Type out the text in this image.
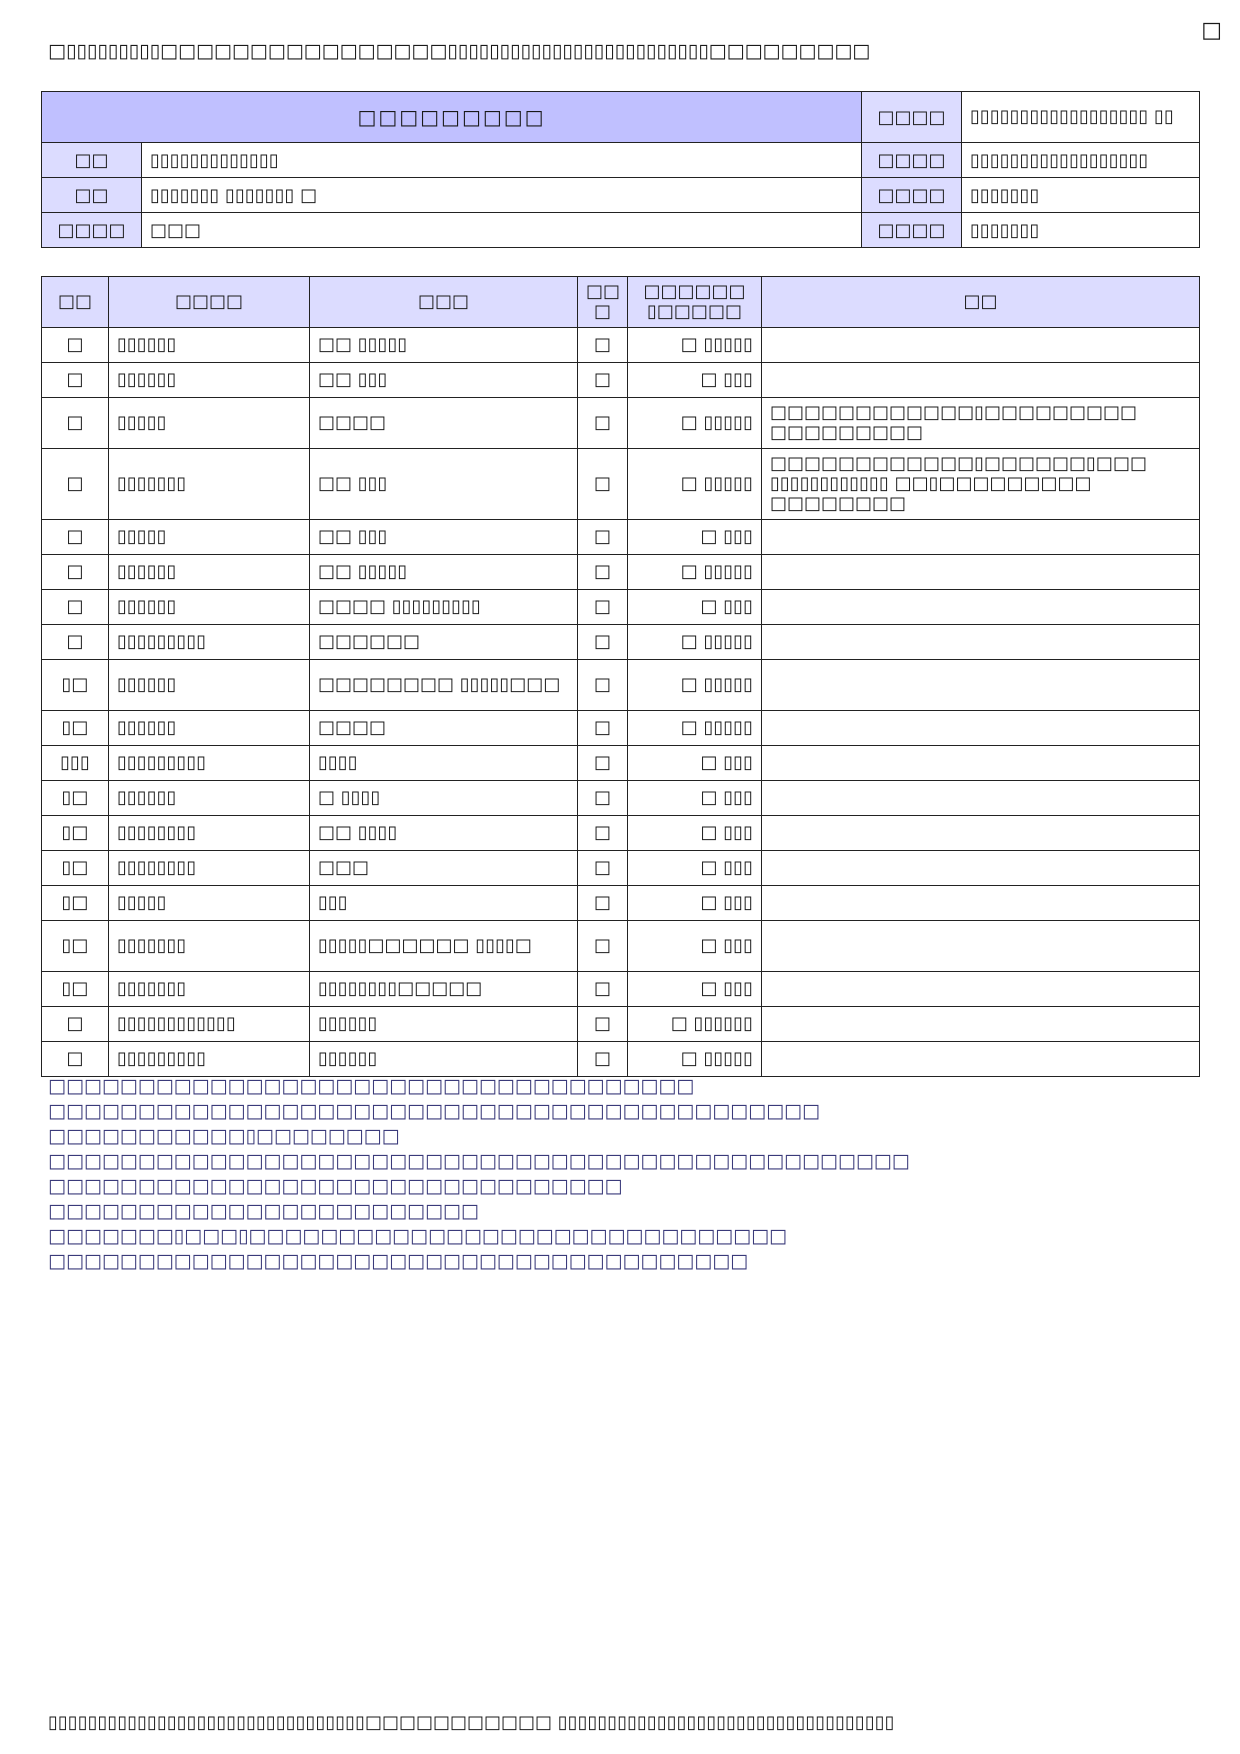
□
□▯▯▯▯▯▯▯▯▯□□□□□□□□□□□□□□□□▯▯▯▯▯▯▯▯▯▯▯▯▯▯▯▯▯▯▯▯▯▯▯▯▯□□□□□□□□□
□□□□□□□□□		□□□□	▯▯▯▯▯▯▯▯▯▯▯▯▯▯▯▯▯▯ ▯▯
□□	▯▯▯▯▯▯▯▯▯▯▯▯▯	□□□□	▯▯▯▯▯▯▯▯▯▯▯▯▯▯▯▯▯▯
□□	▯▯▯▯▯▯▯ ▯▯▯▯▯▯▯ □	□□□□	▯▯▯▯▯▯▯
□□□□	□□□	□□□□	▯▯▯▯▯▯▯
□□	□□□□	□□□	□□ □	□□□□□□ ▯□□□□□	□□
□	▯▯▯▯▯▯	□□ ▯▯▯▯▯	□	□ ▯▯▯▯▯	
□	▯▯▯▯▯▯	□□ ▯▯▯	□	□ ▯▯▯	
□	▯▯▯▯▯	□□□□	□	□ ▯▯▯▯▯	□□□□□□□□□□□□▯□□□□□□□□□ □□□□□□□□□
□	▯▯▯▯▯▯▯	□□ ▯▯▯	□	□ ▯▯▯▯▯	□□□□□□□□□□□□▯□□□□□□▯□□□ ▯▯▯▯▯▯▯▯▯▯▯▯ □□▯□□□□□□□□□ □□□□□□□□
□	▯▯▯▯▯	□□ ▯▯▯	□	□ ▯▯▯	
□	▯▯▯▯▯▯	□□ ▯▯▯▯▯	□	□ ▯▯▯▯▯	
□	▯▯▯▯▯▯	□□□□ ▯▯▯▯▯▯▯▯▯	□	□ ▯▯▯	
□	▯▯▯▯▯▯▯▯▯	□□□□□□	□	□ ▯▯▯▯▯	
▯□	▯▯▯▯▯▯	□□□□□□□□ ▯▯▯▯▯□□□	□	□ ▯▯▯▯▯	
▯□	▯▯▯▯▯▯	□□□□	□	□ ▯▯▯▯▯	
▯▯▯	▯▯▯▯▯▯▯▯▯	▯▯▯▯	□	□ ▯▯▯	
▯□	▯▯▯▯▯▯	□ ▯▯▯▯	□	□ ▯▯▯	
▯□	▯▯▯▯▯▯▯▯	□□ ▯▯▯▯	□	□ ▯▯▯	
▯□	▯▯▯▯▯▯▯▯	□□□	□	□ ▯▯▯	
▯□	▯▯▯▯▯	▯▯▯	□	□ ▯▯▯	
▯□	▯▯▯▯▯▯▯	▯▯▯▯▯□□□□□□ ▯▯▯▯□	□	□ ▯▯▯	
▯□	▯▯▯▯▯▯▯	▯▯▯▯▯▯▯▯□□□□□	□	□ ▯▯▯	
□	▯▯▯▯▯▯▯▯▯▯▯▯	▯▯▯▯▯▯	□	□ ▯▯▯▯▯▯	
□	▯▯▯▯▯▯▯▯▯	▯▯▯▯▯▯	□	□ ▯▯▯▯▯	

□□□□□□□□□□□□□□□□□□□□□□□□□□□□□□□□□□□□

□□□□□□□□□□□□□□□□□□□□□□□□□□□□□□□□□□□□□□□□□□□

□□□□□□□□□□□▯□□□□□□□□

□□□□□□□□□□□□□□□□□□□□□□□□□□□□□□□□□□□□□□□□□□□□□□□□

□□□□□□□□□□□□□□□□□□□□□□□□□□□□□□□□

□□□□□□□□□□□□□□□□□□□□□□□□

□□□□□□□▯□□□▯□□□□□□□□□□□□□□□□□□□□□□□□□□□□□□

□□□□□□□□□□□□□□□□□□□□□□□□□□□□□□□□□□□□□□□

▯▯▯▯▯▯▯▯▯▯▯▯▯▯▯▯▯▯▯▯▯▯▯▯▯▯▯▯▯▯▯▯□□□□□□□□□□□ ▯▯▯▯▯▯▯▯▯▯▯▯▯▯▯▯▯▯▯▯▯▯▯▯▯▯▯▯▯▯▯▯▯▯
